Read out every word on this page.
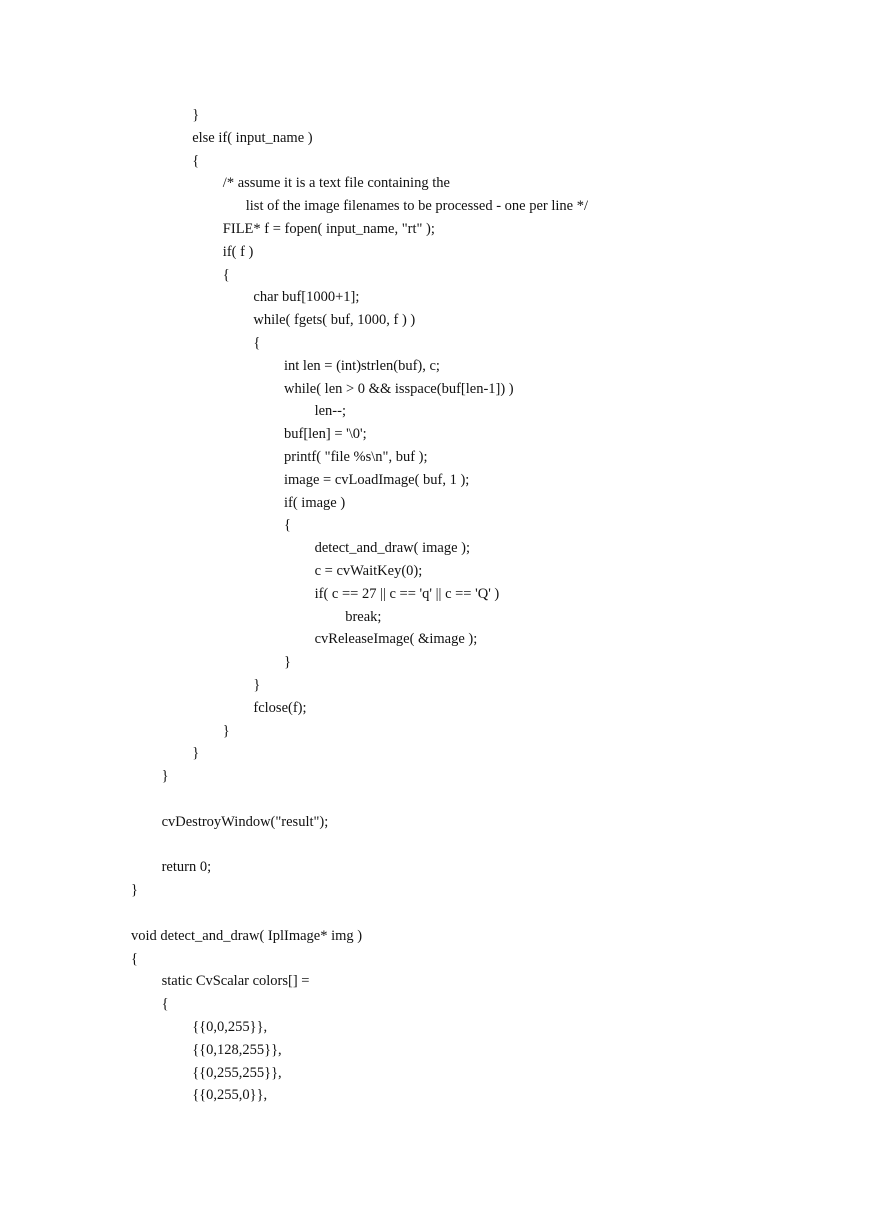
}
else if( input_name )
{
/* assume it is a text file containing the
list of the image filenames to be processed - one per line */
FILE* f = fopen( input_name, "rt" );
if( f )
{
char buf[1000+1];
while( fgets( buf, 1000, f ) )
{
int len = (int)strlen(buf), c;
while( len > 0 && isspace(buf[len-1]) )
len--;
buf[len] = '\0';
printf( "file %s\n", buf );
image = cvLoadImage( buf, 1 );
if( image )
{
detect_and_draw( image );
c = cvWaitKey(0);
if( c == 27 || c == 'q' || c == 'Q' )
break;
cvReleaseImage( &image );
}
}
fclose(f);
}
}
}
cvDestroyWindow("result");
return 0;
}
void detect_and_draw( IplImage* img )
{
static CvScalar colors[] =
{
{{0,0,255}},
{{0,128,255}},
{{0,255,255}},
{{0,255,0}},
